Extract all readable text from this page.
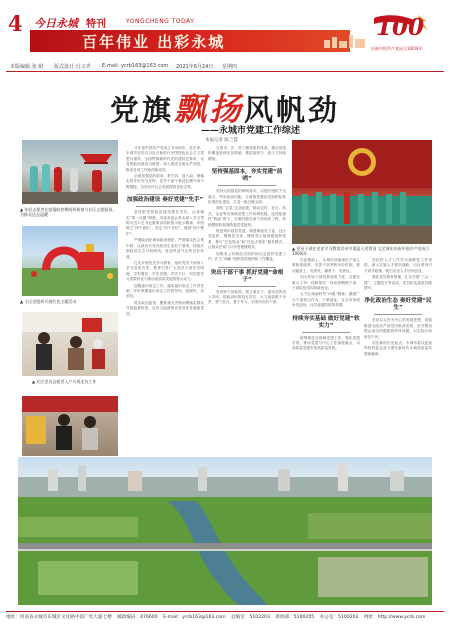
4 今日永城 特刊	YONGCHENG TODAY
百年伟业 出彩永城
100
庆祝中国共产党成立100周年
本版编辑 张 珺 版式设计 冯文青 E-mail: ycrb163@163.com 2021年6月24日 星期四
党旗飘扬风帆劲
——永城市党建工作综述
本报记者 陈兰慧
▲ 年轻志愿者在疫情防控期间积极参与社区志愿服务，为群众送去温暖
▲ 小区党组织开展红色主题活动
▲ 社区党员志愿者入户开展走访工作
今年是中国共产党成立100周年。近年来，永城市坚持以习近平新时代中国特色社会主义思想为指导，全面贯彻新时代党的建设总要求，以党的政治建设为统领，深入推进全面从严治党，推动各项工作取得新成效。
全面加强党的领导，把方向、管大局、保落实的作用充分发挥，党员干部干事创业精气神不断提振，全市经济社会发展保持良好态势。
加强政治建设 奏好党建“先手”
坚持把党的政治建设摆在首位，认真落实“第一议题”制度，市委常委会带头深入学习贯彻习近平总书记重要讲话和指示批示精神，牢固树立“四个意识”、坚定“四个自信”、做到“两个维护”。
严明政治纪律和政治规矩，严格落实民主集中制，认真执行党内政治生活若干准则，持续开展政治生态分析研判，营造风清气正的良好环境。
扎实开展党史学习教育，组织党员干部深入学习党的历史，教育引导广大党员干部学史明理、学史增信、学史崇德、学史力行，切实把学习成果转化为推动高质量发展的强大动力。
加强意识形态工作，落实意识形态工作责任制，牢牢掌握意识形态工作领导权、管理权、话语权。
抓实政治监督，聚焦重大决策部署落实情况开展监督检查，以有力监督推动各项任务落地见效。
完善市、乡、村三级党组织体系，推动党组织覆盖延伸至各领域，基层组织力、战斗力持续增强。
坚持强基固本，夯实党建“前哨”
坚持大抓基层的鲜明导向，以提升组织力为重点，突出政治功能，全面推进基层党组织标准化规范化建设，打造一批过硬支部。
深化“五星”支部创建，推动农村、社区、机关、企业等各领域党建工作协调发展。选优配强村“两委”班子，实施村级后备干部培养工程，持续整顿软弱涣散基层党组织。
推进城市基层党建，构建街道党工委、社区党组织、网格党支部、楼栋党小组四级组织体系，推行“红色物业”和“红色大管家”服务模式，让群众在家门口享受便捷服务。
加强非公有制经济组织和社会组织党建工作，扩大“两新”组织党的组织和工作覆盖。
突出干部干事 抓好党建“命根子”
坚持好干部标准，树立重实干、重实绩的用人导向，把政治标准放在首位，大力选拔敢于负责、勇于担当、善于作为、实绩突出的干部。
▲ 党员干部在党史学习教育活动中重温入党誓词 文艺演出庆祝中国共产党成立100周年
在此基础上，永城市持续深化干部人事制度改革，完善干部考核评价机制，推动能者上、优者奖、庸者下、劣者汰。
加大年轻干部培养选拔力度，注重在重大斗争一线和基层一线培养锻炼干部，干部队伍结构持续优化。
大力弘扬新时代“四敢”精神，激励广大干部担当作为、干事创业，在全市形成争先创优、比学赶超的浓厚氛围。
持续夯实基础 做好党建“软实力”
统筹推进各领域党建工作，强化党建引领，推动党建与中心工作深度融合，以高质量党建引领高质量发展。
坚持把人才工作作为战略性工作来抓，深入实施人才强市战略，出台系列引才育才政策，吸引各类人才回乡创业。
强化党员教育管理，扎实开展“三会一课”、主题党日等活动，党员队伍素质持续提升。
净化政治生态 奏好党建“民生”
坚持以人民为中心的发展思想，持续推进全面从严治党向纵深发展，坚决整治群众身边的腐败和作风问题，以实际行动取信于民。
站在新的历史起点，永城市将以更加昂扬的姿态奋力谱写新时代永城高质量发展新篇章。
地址：河南省永城市东城区文化路中段广电大厦七楼 邮政编码：476600 E-mail：ycrb163@163.com 总编室：5102203 新闻部：5100205 办公室：5100202 网址：http://www.ycrb.com
